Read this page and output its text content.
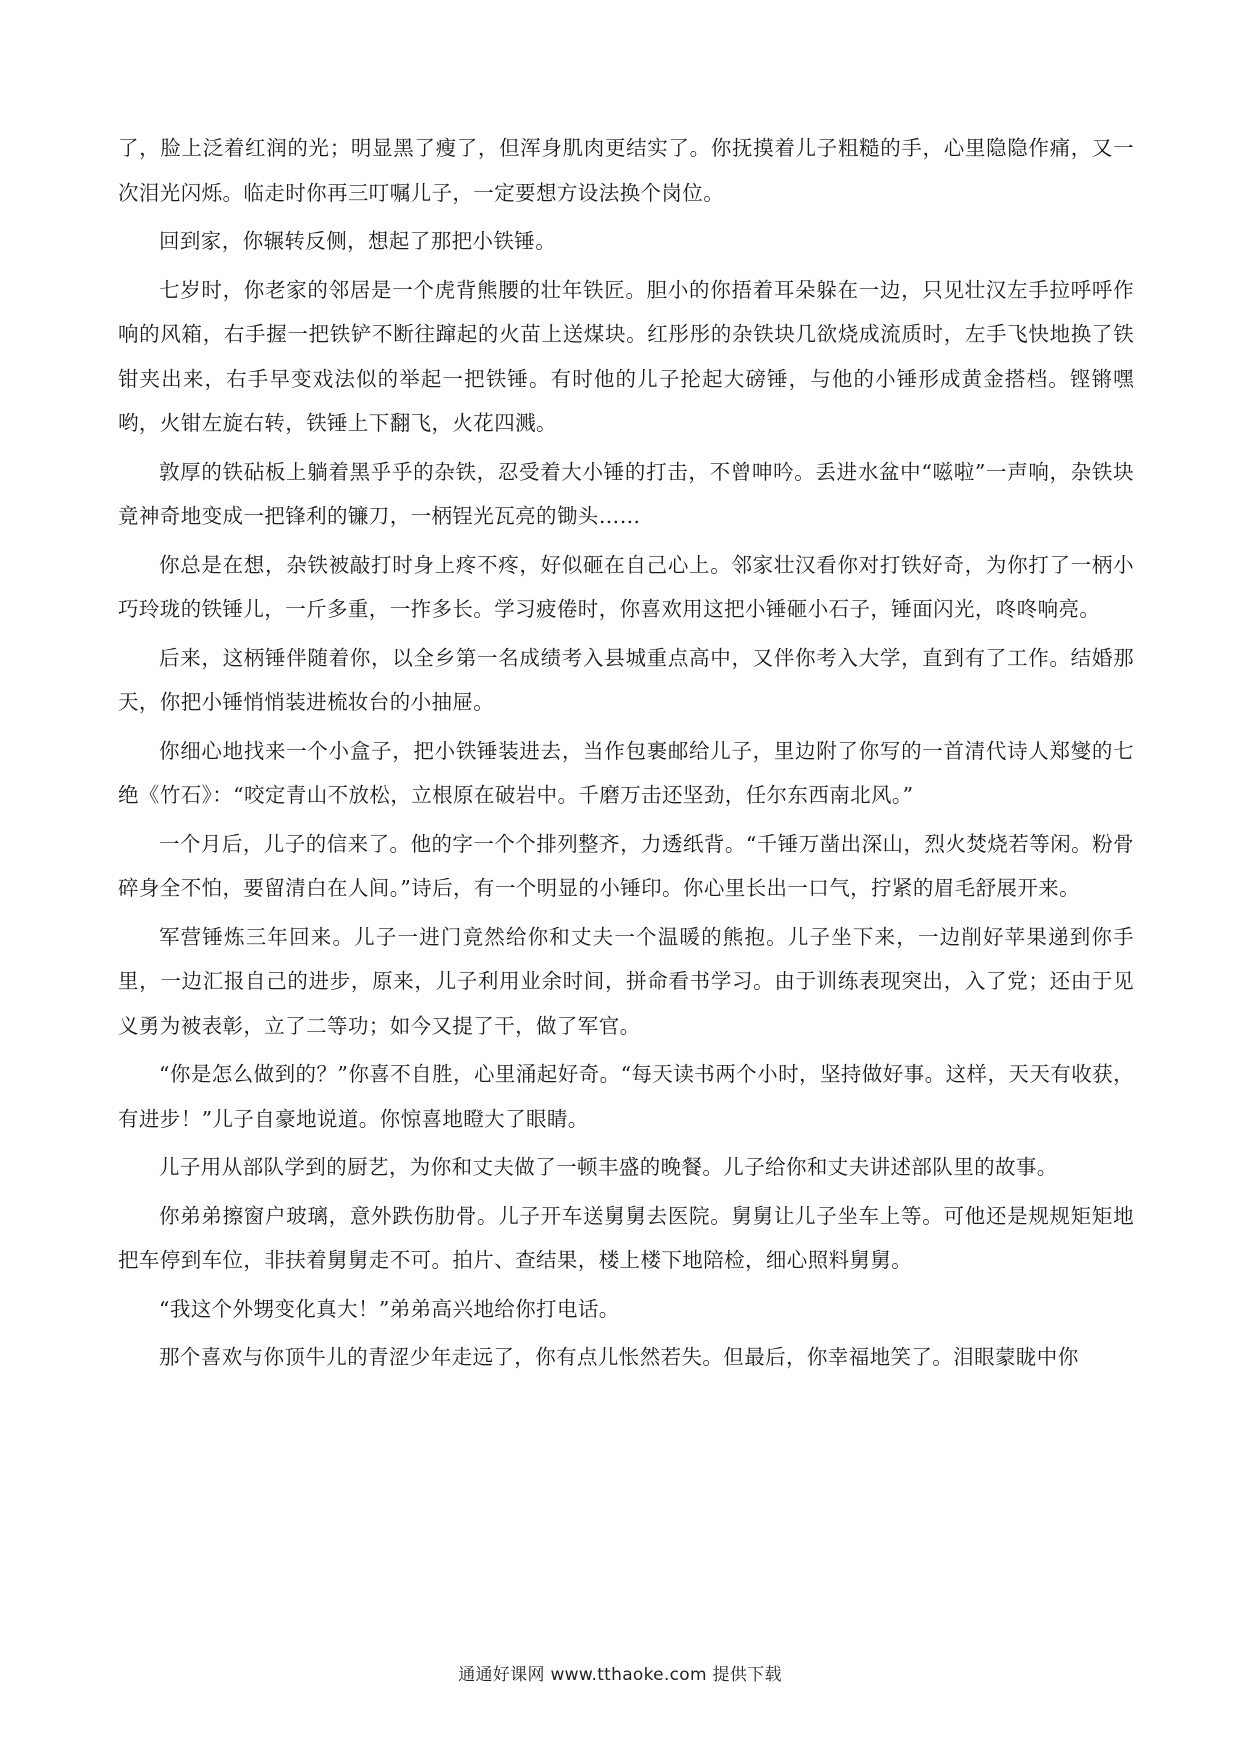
了，脸上泛着红润的光；明显黑了瘦了，但浑身肌肉更结实了。你抚摸着儿子粗糙的手，心里隐隐作痛，又一次泪光闪烁。临走时你再三叮嘱儿子，一定要想方设法换个岗位。

回到家，你辗转反侧，想起了那把小铁锤。

七岁时，你老家的邻居是一个虎背熊腰的壮年铁匠。胆小的你捂着耳朵躲在一边，只见壮汉左手拉呼呼作响的风箱，右手握一把铁铲不断往蹿起的火苗上送煤块。红彤彤的杂铁块几欲烧成流质时，左手飞快地换了铁钳夹出来，右手早变戏法似的举起一把铁锤。有时他的儿子抡起大磅锤，与他的小锤形成黄金搭档。铿锵嘿哟，火钳左旋右转，铁锤上下翻飞，火花四溅。

敦厚的铁砧板上躺着黑乎乎的杂铁，忍受着大小锤的打击，不曾呻吟。丢进水盆中“嗞啦”一声响，杂铁块竟神奇地变成一把锋利的镰刀，一柄锃光瓦亮的锄头……

你总是在想，杂铁被敲打时身上疼不疼，好似砸在自己心上。邻家壮汉看你对打铁好奇，为你打了一柄小巧玲珑的铁锤儿，一斤多重，一拃多长。学习疲倦时，你喜欢用这把小锤砸小石子，锤面闪光，咚咚响亮。

后来，这柄锤伴随着你，以全乡第一名成绩考入县城重点高中，又伴你考入大学，直到有了工作。结婚那天，你把小锤悄悄装进梳妆台的小抽屉。

你细心地找来一个小盒子，把小铁锤装进去，当作包裹邮给儿子，里边附了你写的一首清代诗人郑燮的七绝《竹石》：“咬定青山不放松，立根原在破岩中。千磨万击还坚劲，任尔东西南北风。”

一个月后，儿子的信来了。他的字一个个排列整齐，力透纸背。“千锤万凿出深山，烈火焚烧若等闲。粉骨碎身全不怕，要留清白在人间。”诗后，有一个明显的小锤印。你心里长出一口气，拧紧的眉毛舒展开来。

军营锤炼三年回来。儿子一进门竟然给你和丈夫一个温暖的熊抱。儿子坐下来，一边削好苹果递到你手里，一边汇报自己的进步，原来，儿子利用业余时间，拼命看书学习。由于训练表现突出，入了党；还由于见义勇为被表彰，立了二等功；如今又提了干，做了军官。

“你是怎么做到的？”你喜不自胜，心里涌起好奇。“每天读书两个小时，坚持做好事。这样，天天有收获，有进步！”儿子自豪地说道。你惊喜地瞪大了眼睛。

儿子用从部队学到的厨艺，为你和丈夫做了一顿丰盛的晚餐。儿子给你和丈夫讲述部队里的故事。

你弟弟擦窗户玻璃，意外跌伤肋骨。儿子开车送舅舅去医院。舅舅让儿子坐车上等。可他还是规规矩矩地把车停到车位，非扶着舅舅走不可。拍片、查结果，楼上楼下地陪检，细心照料舅舅。

“我这个外甥变化真大！”弟弟高兴地给你打电话。

那个喜欢与你顶牛儿的青涩少年走远了，你有点儿怅然若失。但最后，你幸福地笑了。泪眼蒙眬中你

通通好课网 www.tthaoke.com 提供下载
